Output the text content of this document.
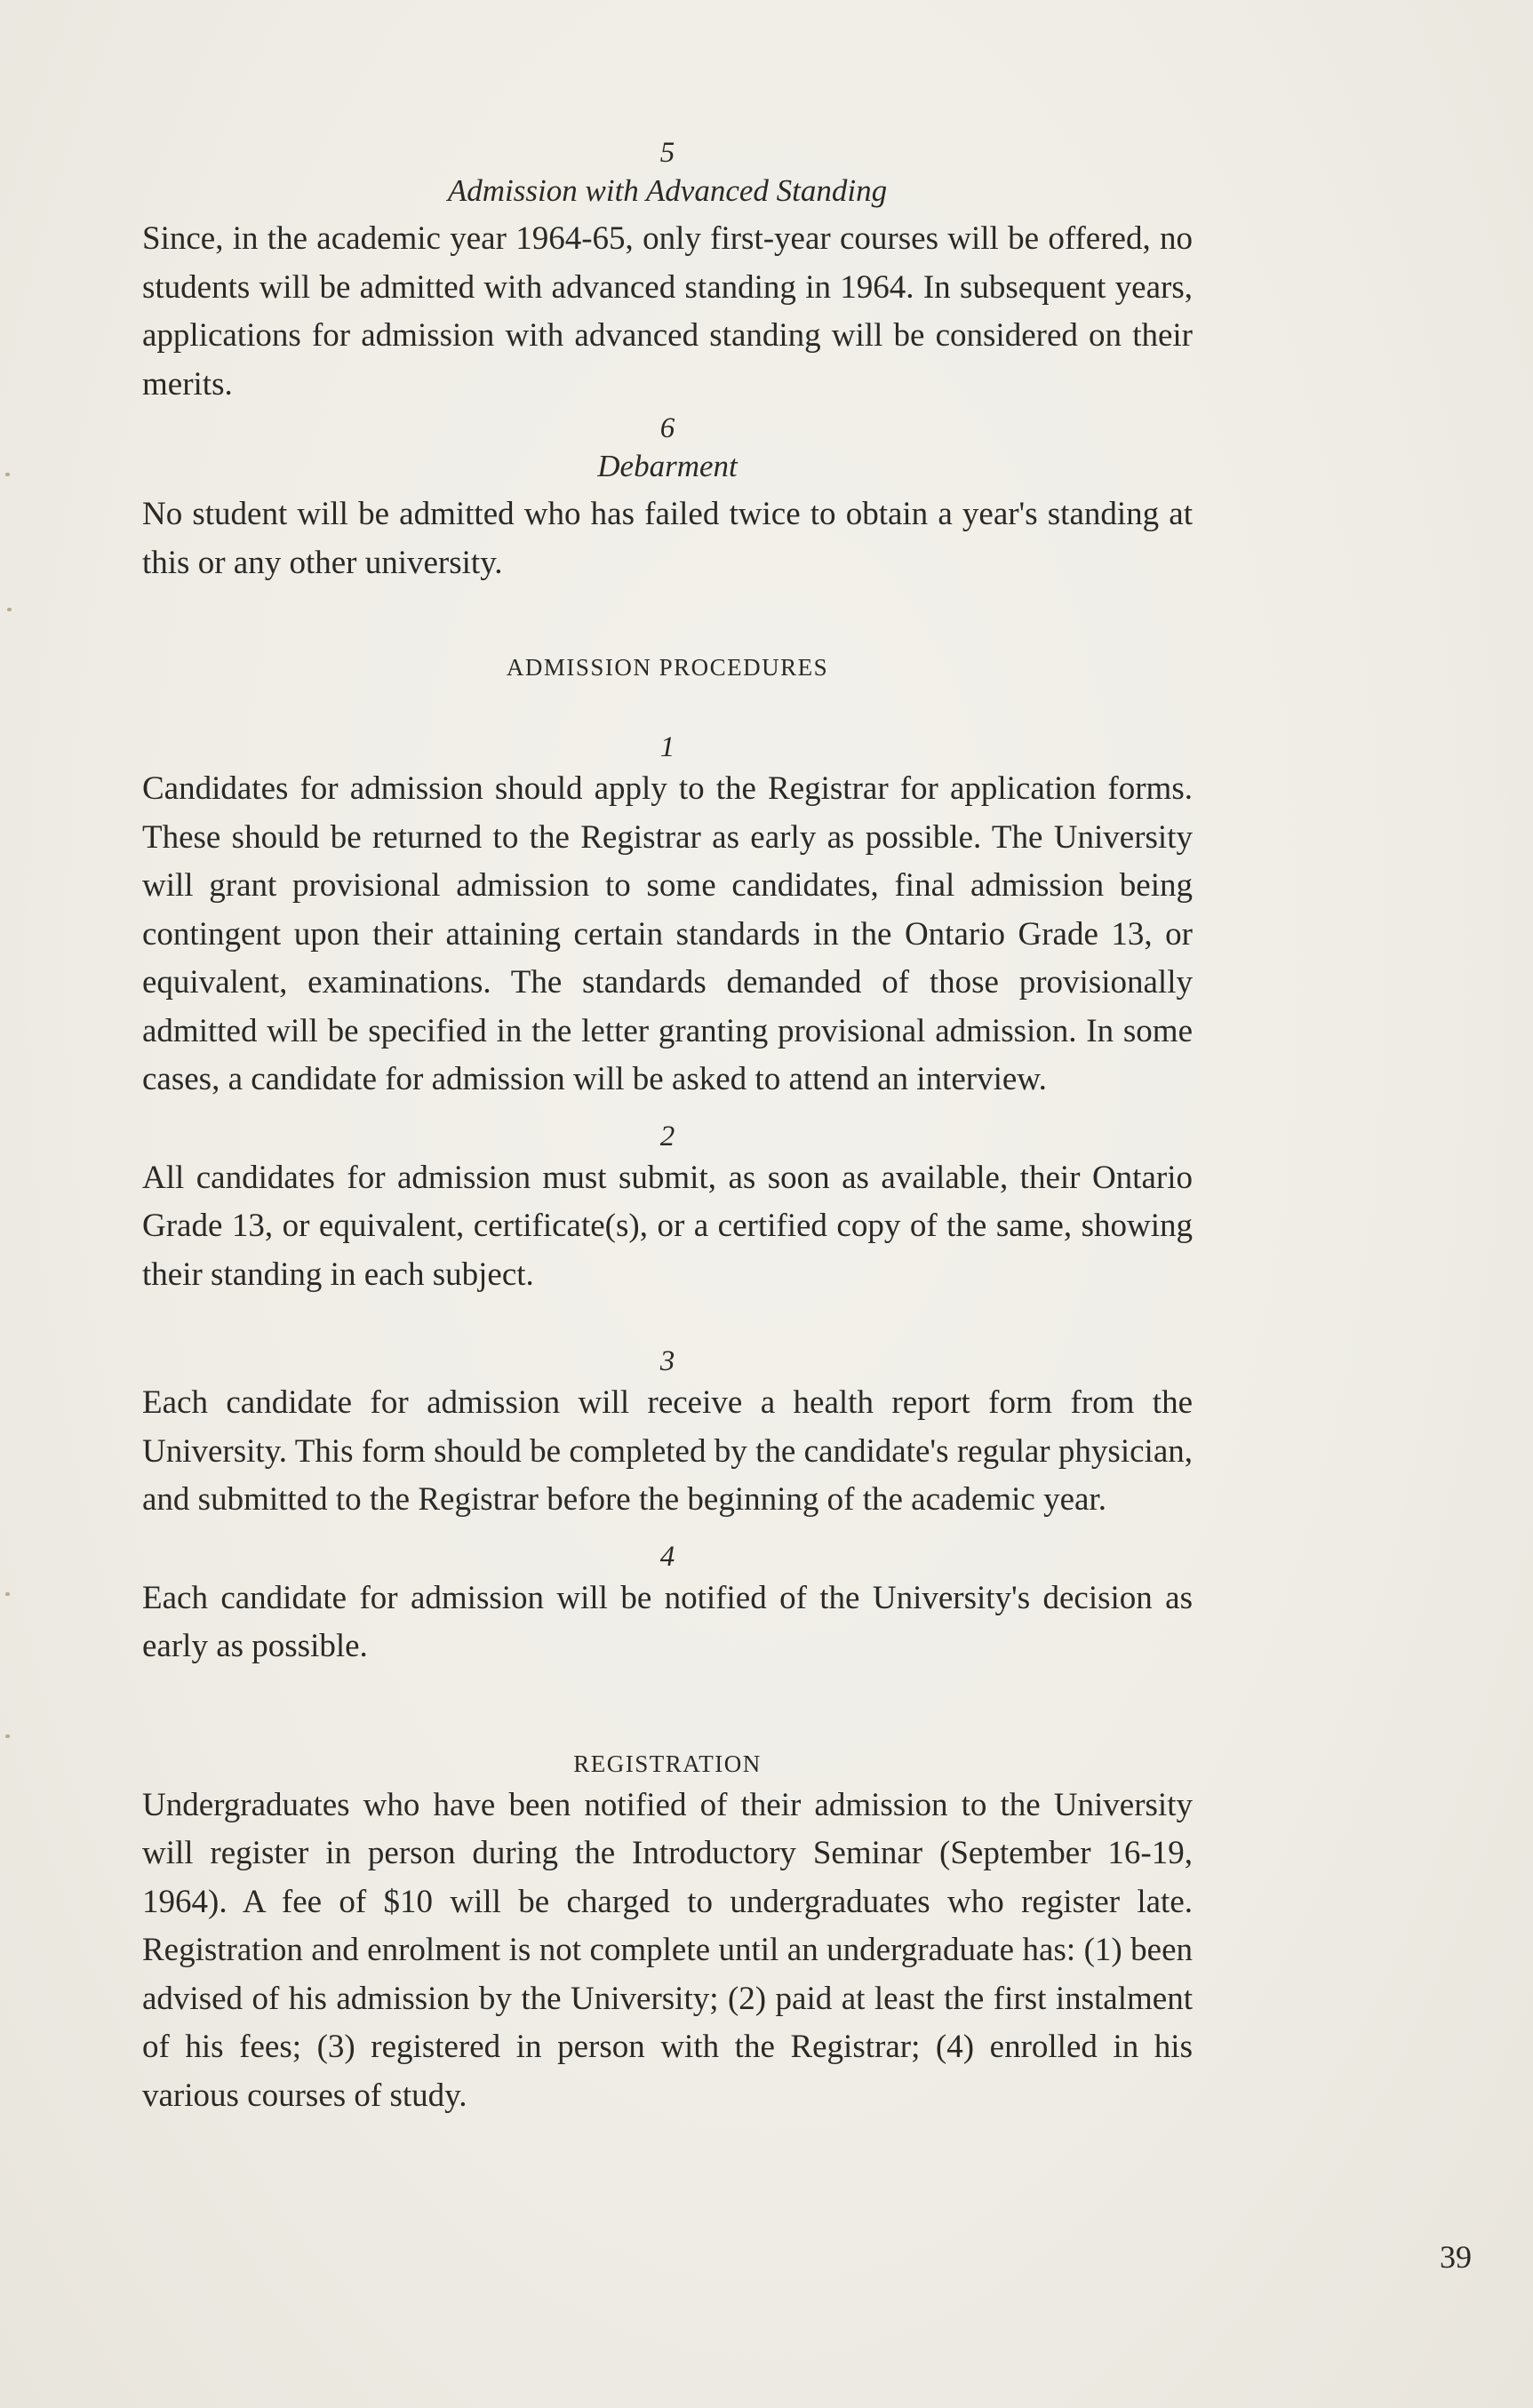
5

Admission with Advanced Standing

Since, in the academic year 1964-65, only first-year courses will be offered, no students will be admitted with advanced standing in 1964. In subsequent years, applications for admission with advanced standing will be considered on their merits.

6

Debarment

No student will be admitted who has failed twice to obtain a year's standing at this or any other university.

ADMISSION PROCEDURES

1

Candidates for admission should apply to the Registrar for application forms. These should be returned to the Registrar as early as possible. The University will grant provisional admission to some candidates, final admission being contingent upon their attaining certain standards in the Ontario Grade 13, or equivalent, examinations. The standards demanded of those provisionally admitted will be specified in the letter granting provisional admission. In some cases, a candidate for admission will be asked to attend an interview.

2

All candidates for admission must submit, as soon as available, their Ontario Grade 13, or equivalent, certificate(s), or a certified copy of the same, showing their standing in each subject.

3

Each candidate for admission will receive a health report form from the University. This form should be completed by the candidate's regular physician, and submitted to the Registrar before the beginning of the academic year.

4

Each candidate for admission will be notified of the University's decision as early as possible.

REGISTRATION

Undergraduates who have been notified of their admission to the University will register in person during the Introductory Seminar (September 16-19, 1964). A fee of $10 will be charged to undergraduates who register late. Registration and enrolment is not complete until an undergraduate has: (1) been advised of his admission by the University; (2) paid at least the first instalment of his fees; (3) registered in person with the Registrar; (4) enrolled in his various courses of study.

39
